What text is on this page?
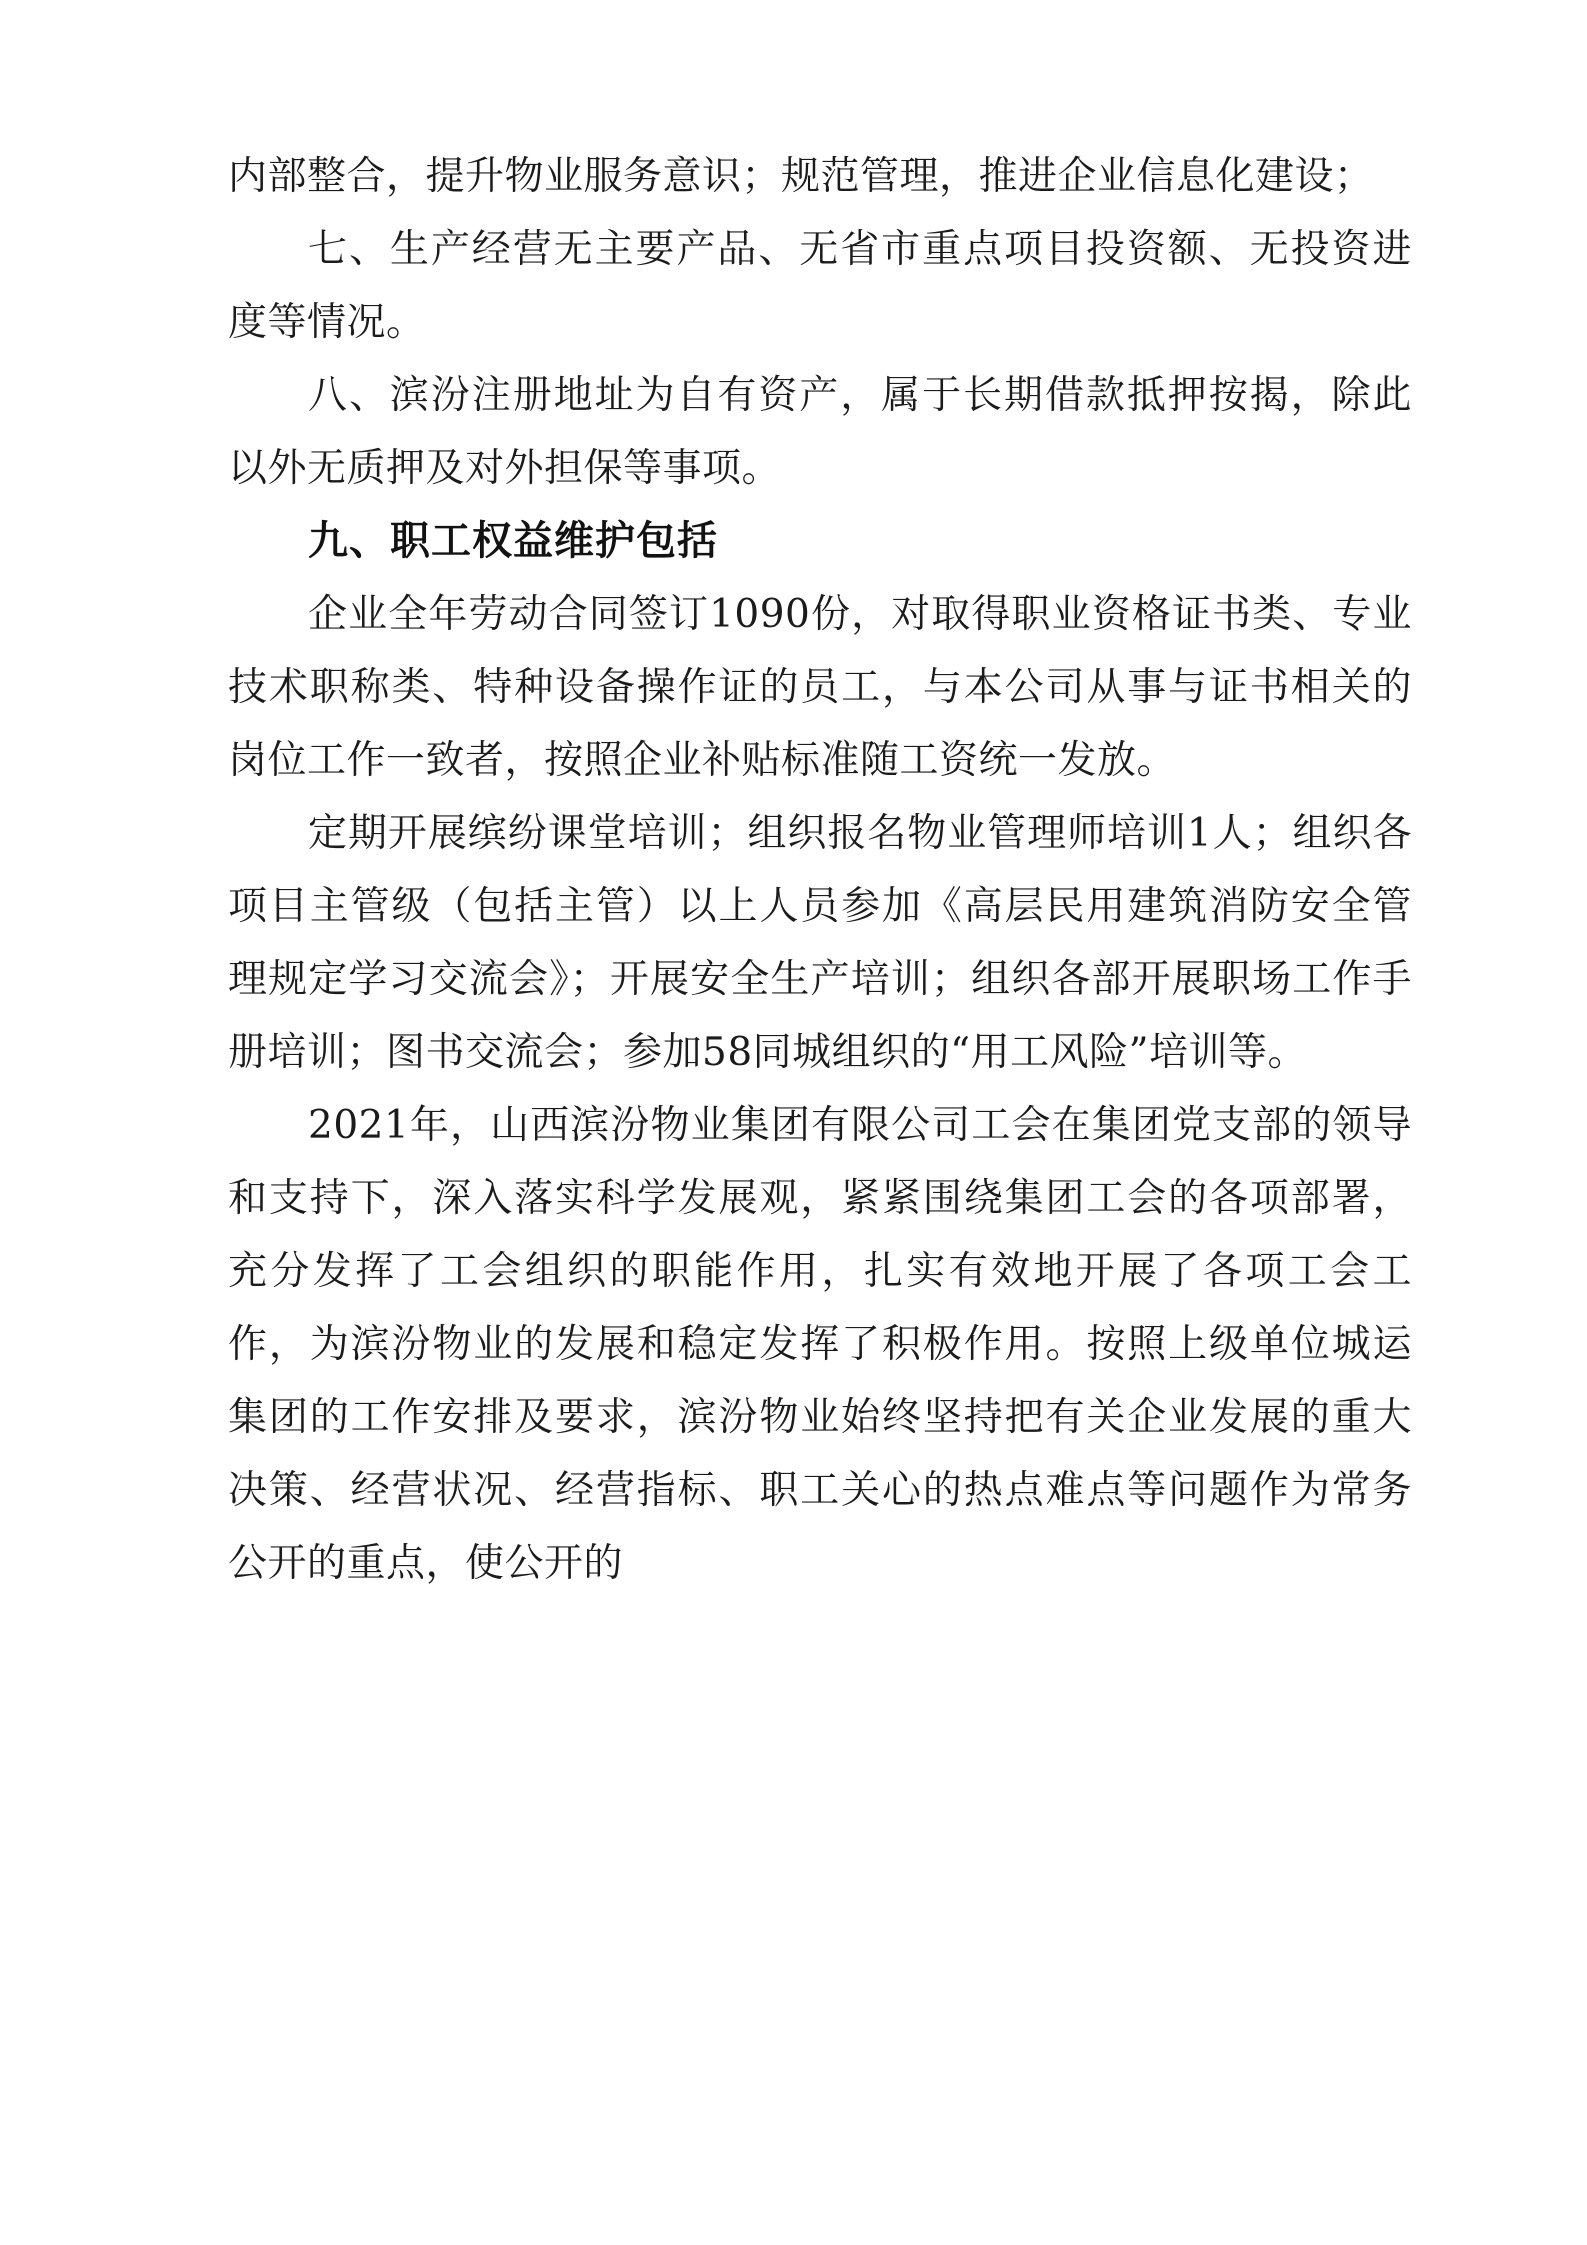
内部整合，提升物业服务意识；规范管理，推进企业信息化建设；

七、生产经营无主要产品、无省市重点项目投资额、无投资进度等情况。

八、滨汾注册地址为自有资产，属于长期借款抵押按揭，除此以外无质押及对外担保等事项。

九、职工权益维护包括

企业全年劳动合同签订1090份，对取得职业资格证书类、专业技术职称类、特种设备操作证的员工，与本公司从事与证书相关的岗位工作一致者，按照企业补贴标准随工资统一发放。

定期开展缤纷课堂培训；组织报名物业管理师培训1人；组织各项目主管级（包括主管）以上人员参加《高层民用建筑消防安全管理规定学习交流会》；开展安全生产培训；组织各部开展职场工作手册培训；图书交流会；参加58同城组织的“用工风险”培训等。

2021年，山西滨汾物业集团有限公司工会在集团党支部的领导和支持下，深入落实科学发展观，紧紧围绕集团工会的各项部署，充分发挥了工会组织的职能作用，扎实有效地开展了各项工会工作，为滨汾物业的发展和稳定发挥了积极作用。按照上级单位城运集团的工作安排及要求，滨汾物业始终坚持把有关企业发展的重大决策、经营状况、经营指标、职工关心的热点难点等问题作为常务公开的重点，使公开的
